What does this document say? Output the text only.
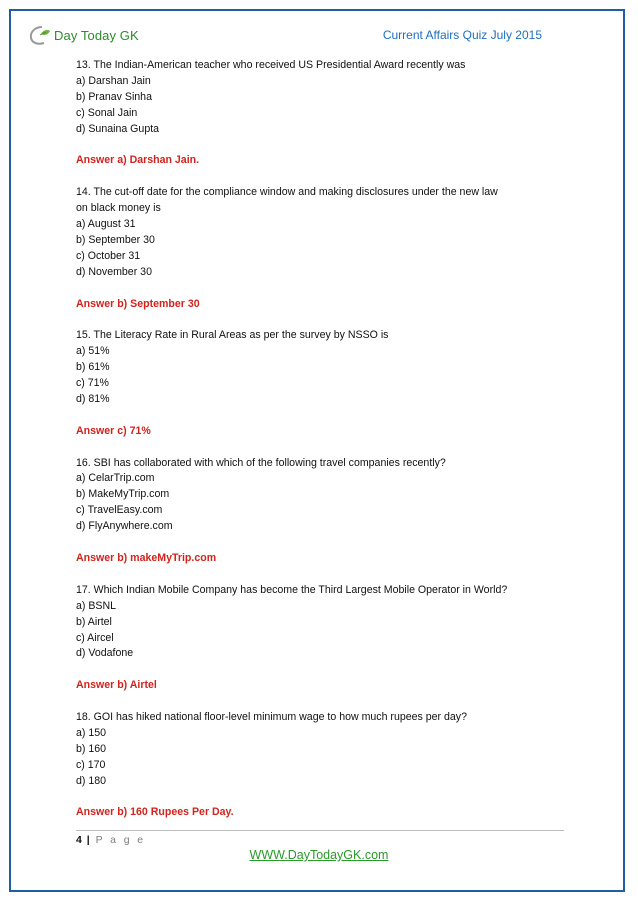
Day Today GK	Current Affairs Quiz July 2015

13. The Indian-American teacher who received US Presidential Award recently was

a) Darshan Jain

b) Pranav Sinha

c) Sonal Jain

d) Sunaina Gupta

Answer a) Darshan Jain.

14. The cut-off date for the compliance window and making disclosures under the new law

on black money is

a) August 31

b) September 30

c) October 31

d) November 30

Answer b) September 30

15. The Literacy Rate in Rural Areas as per the survey by NSSO is

a) 51%

b) 61%

c) 71%

d) 81%

Answer c) 71%

16. SBI has collaborated with which of the following travel companies recently?

a) CelarTrip.com

b) MakeMyTrip.com

c) TravelEasy.com

d) FlyAnywhere.com

Answer b) makeMyTrip.com

17. Which Indian Mobile Company has become the Third Largest Mobile Operator in World?

a) BSNL

b) Airtel

c) Aircel

d) Vodafone

Answer b) Airtel

18. GOI has hiked national floor-level minimum wage to how much rupees per day?

a) 150

b) 160

c) 170

d) 180

Answer b) 160 Rupees Per Day.

4 | P a g e
WWW.DayTodayGK.com
